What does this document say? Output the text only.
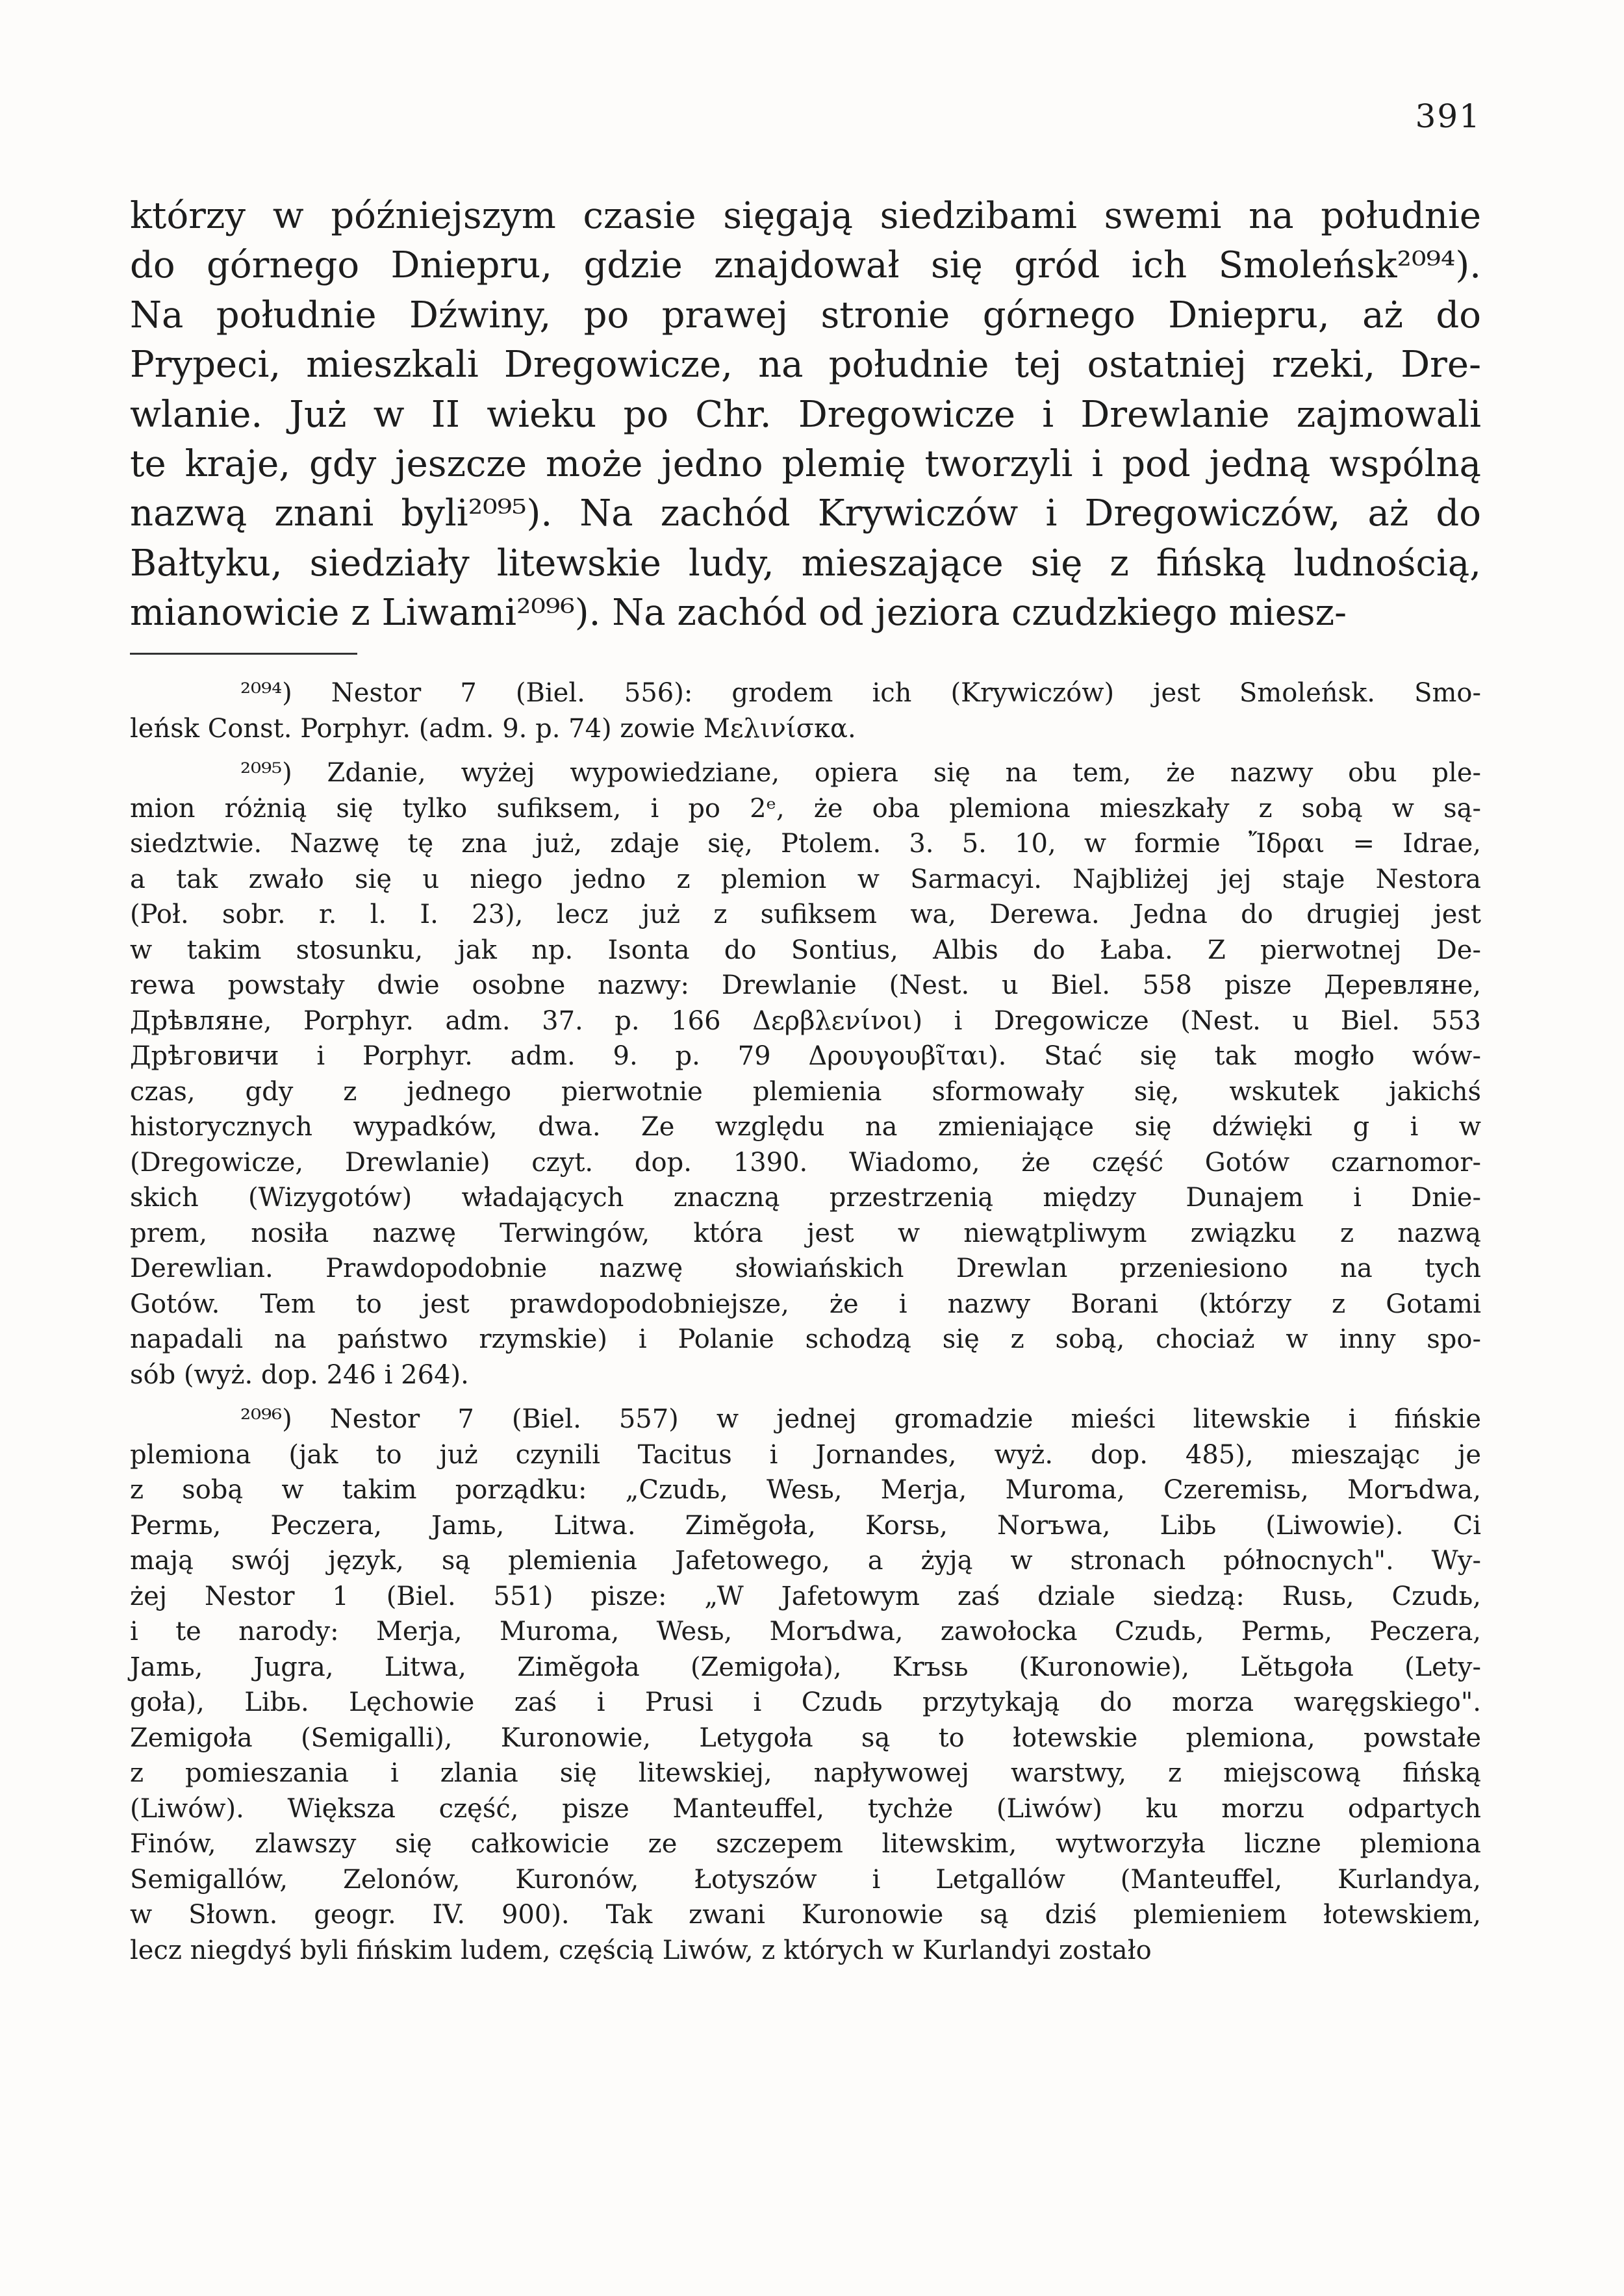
391
którzy w późniejszym czasie sięgają siedzibami swemi na południe
do górnego Dniepru, gdzie znajdował się gród ich Smoleńsk²⁰⁹⁴).
Na południe Dźwiny, po prawej stronie górnego Dniepru, aż do
Prypeci, mieszkali Dregowicze, na południe tej ostatniej rzeki, Dre-
wlanie. Już w II wieku po Chr. Dregowicze i Drewlanie zajmowali
te kraje, gdy jeszcze może jedno plemię tworzyli i pod jedną wspólną
nazwą znani byli²⁰⁹⁵). Na zachód Krywiczów i Dregowiczów, aż do
Bałtyku, siedziały litewskie ludy, mieszające się z fińską ludnością,
mianowicie z Liwami²⁰⁹⁶). Na zachód od jeziora czudzkiego miesz-
²⁰⁹⁴) Nestor 7 (Biel. 556): grodem ich (Krywiczów) jest Smoleńsk. Smo-
leńsk Const. Porphyr. (adm. 9. p. 74) zowie Μελινίσκα.
²⁰⁹⁵) Zdanie, wyżej wypowiedziane, opiera się na tem, że nazwy obu ple-
mion różnią się tylko sufiksem, i po 2ᵉ, że oba plemiona mieszkały z sobą w są-
siedztwie. Nazwę tę zna już, zdaje się, Ptolem. 3. 5. 10, w formie Ἴδραι = Idrae,
a tak zwało się u niego jedno z plemion w Sarmacyi. Najbliżej jej staje Nestora
(Poł. sobr. r. l. I. 23), lecz już z sufiksem wa, Derewa. Jedna do drugiej jest
w takim stosunku, jak np. Isonta do Sontius, Albis do Łaba. Z pierwotnej De-
rewa powstały dwie osobne nazwy: Drewlanie (Nest. u Biel. 558 pisze Деревляне,
Дрѣвляне, Porphyr. adm. 37. p. 166 Δερβλενίνοι) i Dregowicze (Nest. u Biel. 553
Дрѣговичи i Porphyr. adm. 9. p. 79 Δρουγουβῖται). Stać się tak mogło wów-
czas, gdy z jednego pierwotnie plemienia sformowały się, wskutek jakichś
historycznych wypadków, dwa. Ze względu na zmieniające się dźwięki g i w
(Dregowicze, Drewlanie) czyt. dop. 1390. Wiadomo, że część Gotów czarnomor-
skich (Wizygotów) władających znaczną przestrzenią między Dunajem i Dnie-
prem, nosiła nazwę Terwingów, która jest w niewątpliwym związku z nazwą
Derewlian. Prawdopodobnie nazwę słowiańskich Drewlan przeniesiono na tych
Gotów. Tem to jest prawdopodobniejsze, że i nazwy Borani (którzy z Gotami
napadali na państwo rzymskie) i Polanie schodzą się z sobą, chociaż w inny spo-
sób (wyż. dop. 246 i 264).
²⁰⁹⁶) Nestor 7 (Biel. 557) w jednej gromadzie mieści litewskie i fińskie
plemiona (jak to już czynili Tacitus i Jornandes, wyż. dop. 485), mieszając je
z sobą w takim porządku: „Czudь, Wesь, Merja, Muroma, Czeremisь, Morъdwa,
Permь, Peczera, Jamь, Litwa. Zimĕgoła, Korsь, Norъwa, Libь (Liwowie). Ci
mają swój język, są plemienia Jafetowego, a żyją w stronach północnych". Wy-
żej Nestor 1 (Biel. 551) pisze: „W Jafetowym zaś dziale siedzą: Rusь, Czudь,
i te narody: Merja, Muroma, Wesь, Morъdwa, zawołocka Czudь, Permь, Peczera,
Jamь, Jugra, Litwa, Zimĕgoła (Zemigoła), Krъsь (Kuronowie), Lĕtьgoła (Lety-
goła), Libь. Lęchowie zaś i Prusi i Czudь przytykają do morza waręgskiego".
Zemigoła (Semigalli), Kuronowie, Letygoła są to łotewskie plemiona, powstałe
z pomieszania i zlania się litewskiej, napływowej warstwy, z miejscową fińską
(Liwów). Większa część, pisze Manteuffel, tychże (Liwów) ku morzu odpartych
Finów, zlawszy się całkowicie ze szczepem litewskim, wytworzyła liczne plemiona
Semigallów, Zelonów, Kuronów, Łotyszów i Letgallów (Manteuffel, Kurlandya,
w Słown. geogr. IV. 900). Tak zwani Kuronowie są dziś plemieniem łotewskiem,
lecz niegdyś byli fińskim ludem, częścią Liwów, z których w Kurlandyi zostało
